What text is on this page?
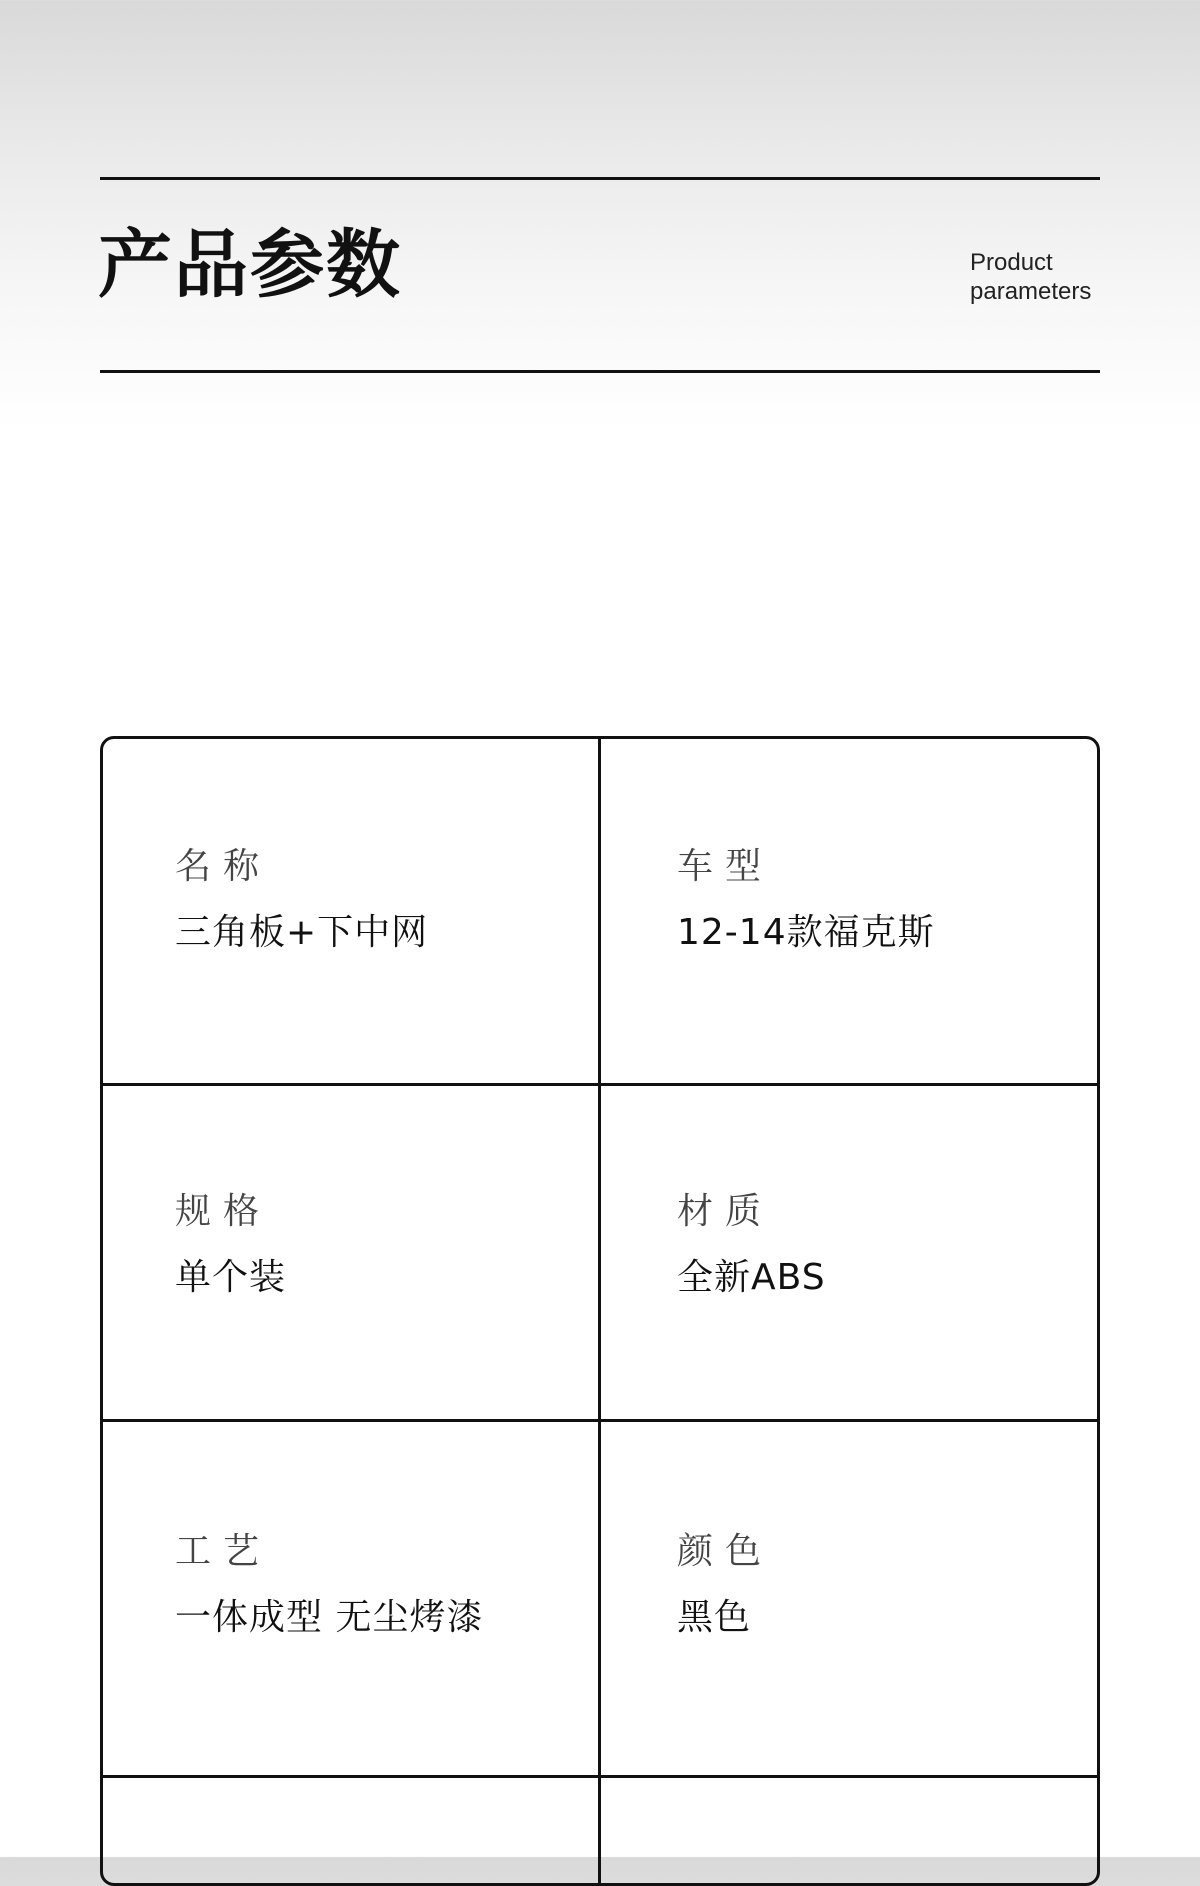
产品参数	Product
parameters
名称
三角板+下中网
车型
12-14款福克斯
规格
单个装
材质
全新ABS
工艺
一体成型 无尘烤漆
颜色
黑色
